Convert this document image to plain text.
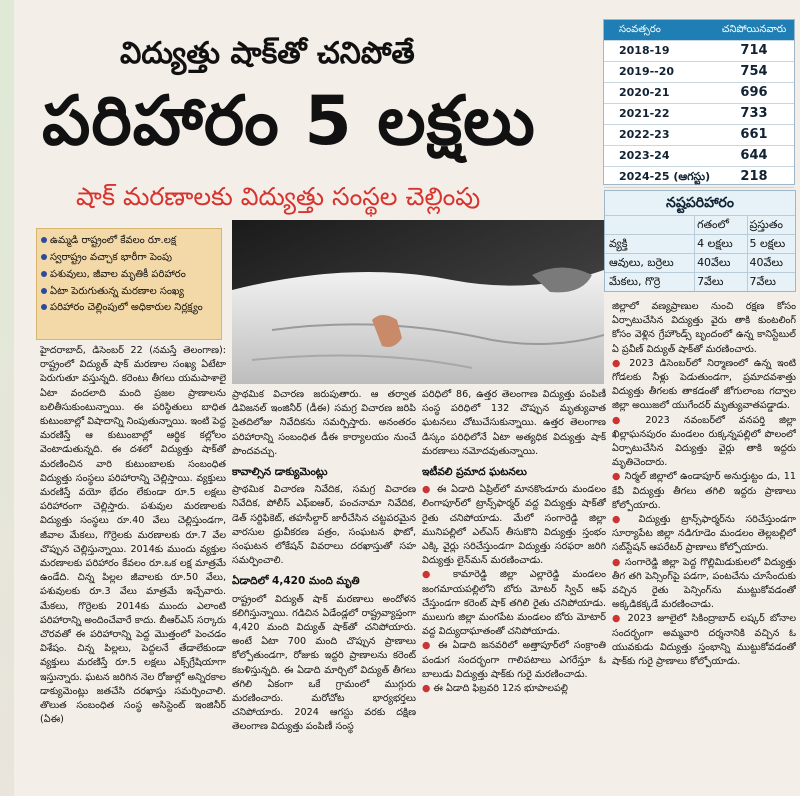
విద్యుత్తు షాక్‌తో చనిపోతే
పరిహారం 5 లక్షలు
షాక్ మరణాలకు విద్యుత్తు సంస్థల చెల్లింపు
సంవత్సరం	చనిపోయినవారు
2018-19	714
2019--20	754
2020-21	696
2021-22	733
2022-23	661
2023-24	644
2024-25 (ఆగస్టు)	218
నష్టపరిహారం
గతంలో	ప్రస్తుతం
వ్యక్తి	4 లక్షలు	5 లక్షలు
ఆవులు, బర్రెలు	40వేలు	40వేలు
మేకలు, గొర్రె	7వేలు	7వేలు
ఉమ్మడి రాష్ట్రంలో కేవలం రూ.లక్ష
స్వరాష్ట్రం వచ్చాక భారీగా పెంపు
పశువులు, జీవాల మృతికీ పరిహారం
ఏటా పెరుగుతున్న మరణాల సంఖ్య
పరిహారం చెల్లింపులో అధికారుల నిర్లక్ష్యం

హైదరాబాద్, డిసెంబర్ 22 (నమస్తే తెలంగాణ): రాష్ట్రంలో విద్యుత్ షాక్ మరణాల సంఖ్య ఏటేటా పెరుగుతూ వస్తున్నది. కరెంటు తీగలు యమపాశాలై ఏటా వందలాది మంది ప్రజల ప్రాణాలను బలితీసుకుంటున్నాయి. ఈ పరిస్థితులు బాధిత కుటుంబాల్లో విషాదాన్ని నింపుతున్నాయి. ఇంటి పెద్ద మరణిస్తే ఆ కుటుంబాల్లో ఆర్థిక కల్లోలం వెంటాడుతున్నది. ఈ దశలో విద్యుత్తు షాక్‌తో మరణించిన వారి కుటుంబాలకు సంబంధిత విద్యుత్తు సంస్థలు పరిహారాన్ని చెల్లిస్తాయి. వ్యక్తులు మరణిస్తే వయో భేదం లేకుండా రూ.5 లక్షలు పరిహారంగా చెల్లిస్తారు. పశువుల మరణాలకు విద్యుత్తు సంస్థలు రూ.40 వేలు చెల్లిస్తుండగా, జీవాల మేకలు, గొర్రెలకు మరణాలకు రూ.7 వేల చొప్పున చెల్లిస్తున్నాయి. 2014కు ముందు వ్యక్తుల మరణాలకు పరిహారం కేవలం రూ.ఒక లక్ష మాత్రమే ఉండేది. చిన్న పిల్లల జీవాలకు రూ.50 వేలు, పశువులకు రూ.3 వేలు మాత్రమే ఇచ్చేవారు. మేకలు, గొర్రెలకు 2014కు ముందు ఎలాంటి పరిహారాన్ని అందించేవారే కాదు. బీఆర్ఎస్ సర్కారు చొరవతో ఈ పరిహారాన్ని పెద్ద మొత్తంలో పెంచడం విశేషం. చిన్న పిల్లలు, పెద్దలనే తేడాలేకుండా వ్యక్తులు మరణిస్తే రూ.5 లక్షలు ఎక్స్‌గ్రేషియాగా ఇస్తున్నారు. ఘటన జరిగిన నెల రోజుల్లో అన్నిరకాల డాక్యుమెంట్లు జతచేసి దరఖాస్తు సమర్పించాలి. తొలుత సంబంధిత సంస్థ అసిస్టెంట్ ఇంజినీర్ (ఏఈ)

ప్రాథమిక విచారణ జరుపుతారు. ఆ తర్వాత డివిజనల్ ఇంజినీర్ (డీఈ) సమగ్ర విచారణ జరిపి సైతదిలోజు నివేదికను సమర్పిస్తారు. అనంతరం పరిహారాన్ని సంబంధిత డీఈ కార్యాలయం నుంచే పొందవచ్చు.

కావాల్సిన డాక్యుమెంట్లు

ప్రాథమిక విచారణ నివేదిక, సమగ్ర విచారణ నివేదిక, పోలీస్ ఎఫ్ఐఆర్, పంచనామా నివేదిక, డెత్ సర్టిఫికెట్, తహసీల్దార్ జారీచేసిన చట్టపరమైన వారసుల ధ్రువీకరణ పత్రం, సంఘటన ఫొటో, సంఘటన లోకేషన్ వివరాలు దరఖాస్తుతో సహ సమర్పించాలి.

ఏడాదిలో 4,420 మంది మృతి

రాష్ట్రంలో విద్యుత్ షాక్ మరణాలు అందోళన కలిగిస్తున్నాయి. గడిచిన ఏడేండ్లలో రాష్ట్రవ్యాప్తంగా 4,420 మంది విద్యుత్ షాక్‌తో చనిపోయారు. అంటే ఏటా 700 మంది చొప్పున ప్రాణాలు కోల్పోతుండగా, రోజుకు ఇద్దరి ప్రాణాలను కరెంట్ కబళిస్తున్నది. ఈ ఏడాది మార్చిలో విద్యుత్ తీగలు తగిలి ఏకంగా ఒకే గ్రామంలో ముగ్గురు మరణించారు. మరోచోట భార్యభర్తలు చనిపోయారు. 2024 ఆగస్టు వరకు దక్షిణ తెలంగాణ విద్యుత్తు పంపిణీ సంస్థ

పరిధిలో 86, ఉత్తర తెలంగాణ విద్యుత్తు పంపిణీ సంస్థ పరిధిలో 132 చొప్పున మృత్యువాత ఘటనలు చోటుచేసుకున్నాయి. ఉత్తర తెలంగాణ డిస్కం పరిధిలోనే ఏటా అత్యధిక విద్యుత్తు షాక్ మరణాలు నమోదవుతున్నాయి.

ఇటీవలి ప్రమాద ఘటనలు

● ఈ ఏడాది ఏప్రిల్‌లో మానకొండూరు మండలం లింగాపూర్‌లో ట్రాన్స్‌ఫార్మర్ వద్ద విద్యుత్తు షాక్‌తో రైతు చనిపోయాడు. మేలో సంగారెడ్డి జిల్లా మునిపల్లిలో ఎల్ఎస్ తీసుకొని విద్యుత్తు స్తంభం ఎక్కి వైర్లు సరిచేస్తుండగా విద్యుత్తు సరఫరా జరిగి విద్యుత్తు లైన్‌మన్ మరణించాడు.

● కామారెడ్డి జిల్లా ఎల్లారెడ్డి మండలం జంగమాయపల్లిలోని బోరు మోటర్ స్విచ్ ఆఫ్ చేస్తుండగా కరెంట్ షాక్ తగిలి రైతు చనిపోయాడు. ములుగు జిల్లా మంగపేట మండలం బోరు మోటార్ వద్ద విద్యుదాఘాతంతో చనిపోయాడు.

● ఈ ఏడాది జనవరిలో అత్తాపూర్‌లో సంక్రాంతి పండుగ సందర్భంగా గాలిపటాలు ఎగరేస్తూ ఓ బాలుడు విద్యుత్తు షాక్‌కు గురై మరణించాడు.

● ఈ ఏడాది ఫిబ్రవరి 12న భూపాలపల్లి

జిల్లాలో వణ్యప్రాణుల నుంచి రక్షణ కోసం ఏర్పాటుచేసిన విద్యుత్తు వైరు తాకి కుంటలింగ్ కోసం వెళ్లిన గ్రేహౌండ్స్ బృందంలో ఉన్న కానిస్టేబుల్ ఏ ప్రవీణ్ విద్యుత్ షాక్‌తో మరణించారు.

● 2023 డిసెంబర్‌లో నిర్మాణంలో ఉన్న ఇంటి గోడలకు నీళ్లు పెడుతుండగా, ప్రమాదవశాత్తు విద్యుత్తు తీగలకు తాకడంతో జోగులాంబ గద్వాల జిల్లా అయిజలో యుగేందర్ మృత్యువాతపడ్డాడు.

● 2023 నవంబర్‌లో వనపర్తి జిల్లా ఖిల్లాఘనపురం మండలం రుక్కన్నపల్లిలో పొలంలో ఏర్పాటుచేసిన విద్యుత్తు వైర్లు తాకి ఇద్దరు మృతిచెందారు.

● నిర్మల్ జిల్లాలో ఉండాపూర్ అనుర్తుట్టం డు, 11 కేవీ విద్యుత్తు తీగలు తగిలి ఇద్దరు ప్రాణాలు కోల్పోయారు.

● విద్యుత్తు ట్రాన్స్‌ఫార్మర్‌ను సరిచేస్తుండగా సూర్యాపేట జిల్లా నడిగూడెం మండలం తెల్లబల్లిలో సబ్‌స్టేషన్ ఆపరేటర్ ప్రాణాలు కోల్పోయారు.

● సంగారెడ్డి జిల్లా పెద్ద గొల్లిమిడుకులలో విద్యుత్తు తీగ తగి పెన్సింగ్‌పై పడగా, పంటచేను చూసేందుకు వచ్చిన రైతు పెన్సింగ్‌ను ముట్టుకోవడంతో అక్కడికక్కడే మరణించాడు.

● 2023 జూలైలో సికింద్రాబాద్ లష్కర్ బోనాల సందర్భంగా అమ్మవారి దర్శనానికి వచ్చిన ఓ యువకుడు విద్యుత్తు స్తంభాన్ని ముట్టుకోవడంతో షాక్‌కు గురై ప్రాణాలు కోల్పోయాడు.
